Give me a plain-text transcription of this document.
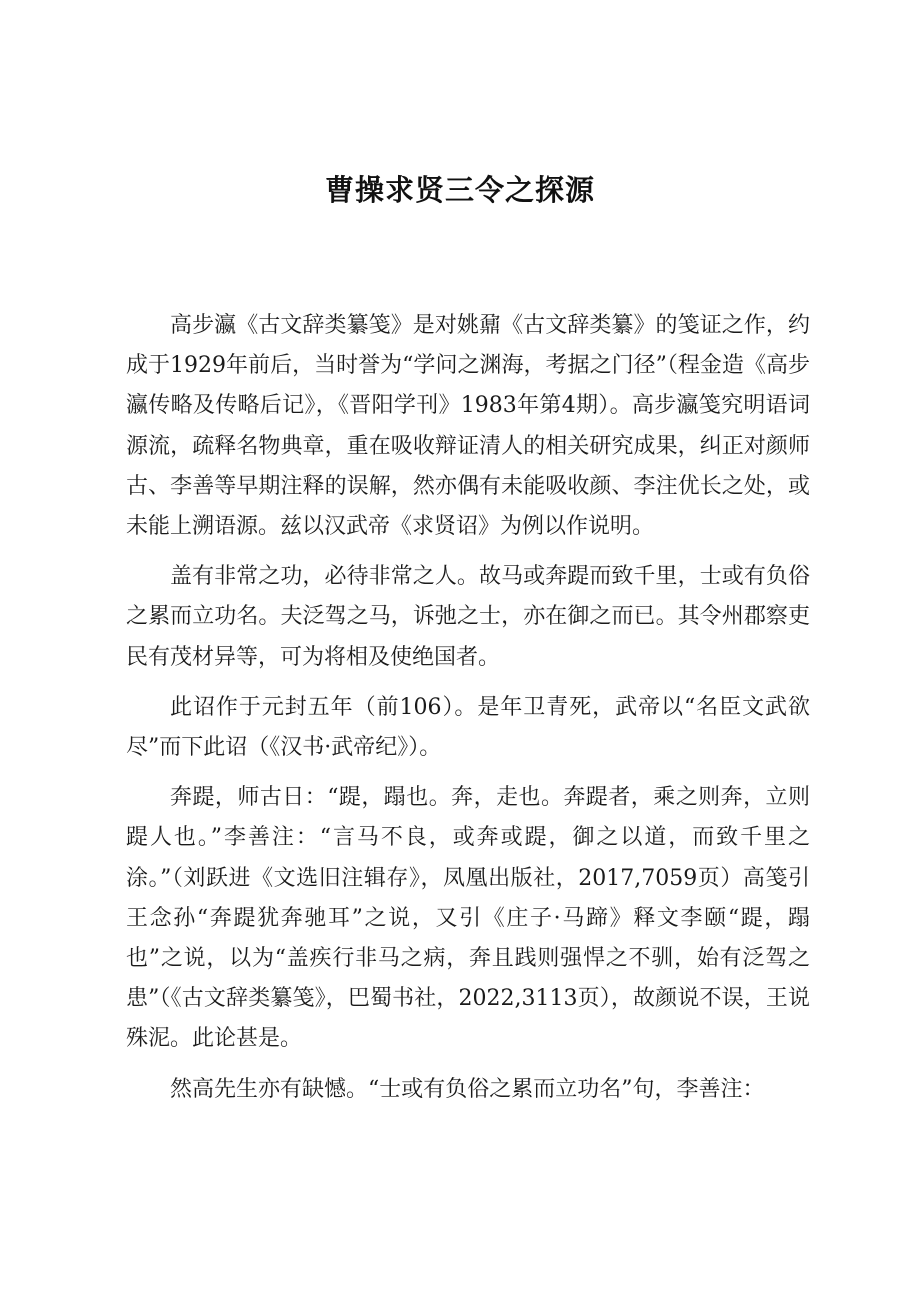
曹操求贤三令之探源

高步瀛《古文辞类纂笺》是对姚鼐《古文辞类纂》的笺证之作，约成于1929年前后，当时誉为“学问之渊海，考据之门径”（程金造《高步瀛传略及传略后记》，《晋阳学刊》1983年第4期）。高步瀛笺究明语词源流，疏释名物典章，重在吸收辩证清人的相关研究成果，纠正对颜师古、李善等早期注释的误解，然亦偶有未能吸收颜、李注优长之处，或未能上溯语源。兹以汉武帝《求贤诏》为例以作说明。

盖有非常之功，必待非常之人。故马或奔踶而致千里，士或有负俗之累而立功名。夫泛驾之马，诉弛之士，亦在御之而已。其令州郡察吏民有茂材异等，可为将相及使绝国者。

此诏作于元封五年（前106）。是年卫青死，武帝以“名臣文武欲尽”而下此诏（《汉书·武帝纪》）。

奔踶，师古日：“踶，蹋也。奔，走也。奔踶者，乘之则奔，立则踶人也。”李善注：“言马不良，或奔或踶，御之以道，而致千里之涂。”（刘跃进《文选旧注辑存》，凤凰出版社，2017,7059页）高笺引王念孙“奔踶犹奔驰耳”之说，又引《庄子·马蹄》释文李颐“踶，蹋也”之说，以为“盖疾行非马之病，奔且践则强悍之不驯，始有泛驾之患”（《古文辞类纂笺》，巴蜀书社，2022,3113页），故颜说不误，王说殊泥。此论甚是。

然高先生亦有缺憾。“士或有负俗之累而立功名”句，李善注：
